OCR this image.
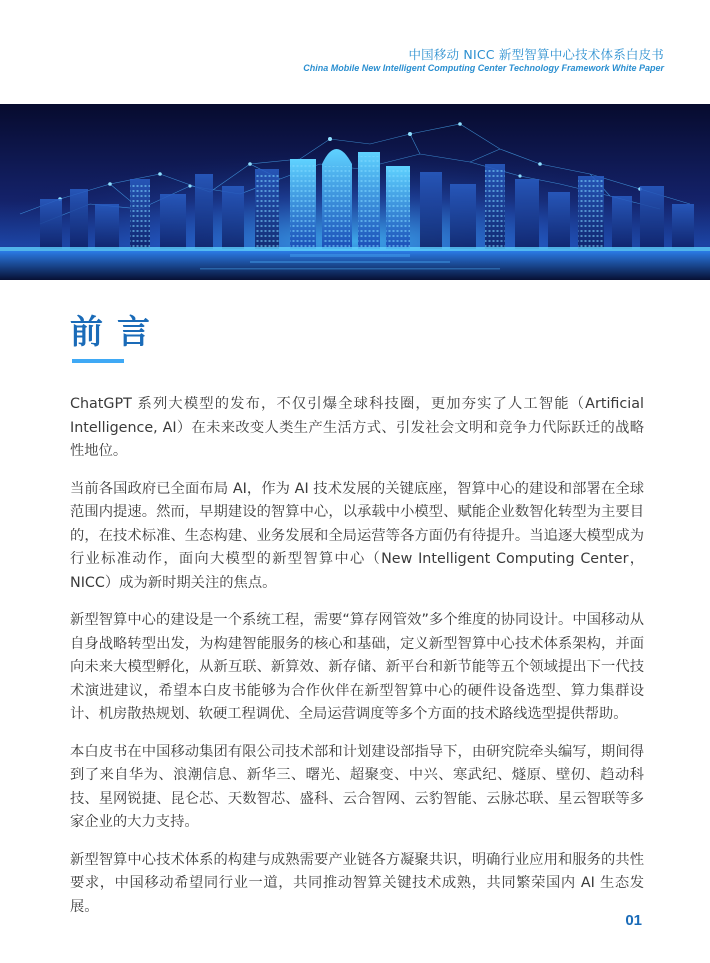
中国移动 NICC 新型智算中心技术体系白皮书
China Mobile New Intelligent Computing Center Technology Framework White Paper
前言

ChatGPT 系列大模型的发布，不仅引爆全球科技圈，更加夯实了人工智能（Artificial Intelligence, AI）在未来改变人类生产生活方式、引发社会文明和竞争力代际跃迁的战略性地位。

当前各国政府已全面布局 AI，作为 AI 技术发展的关键底座，智算中心的建设和部署在全球范围内提速。然而，早期建设的智算中心，以承载中小模型、赋能企业数智化转型为主要目的，在技术标准、生态构建、业务发展和全局运营等各方面仍有待提升。当追逐大模型成为行业标准动作，面向大模型的新型智算中心（New Intelligent Computing Center，NICC）成为新时期关注的焦点。

新型智算中心的建设是一个系统工程，需要“算存网管效”多个维度的协同设计。中国移动从自身战略转型出发，为构建智能服务的核心和基础，定义新型智算中心技术体系架构，并面向未来大模型孵化，从新互联、新算效、新存储、新平台和新节能等五个领域提出下一代技术演进建议，希望本白皮书能够为合作伙伴在新型智算中心的硬件设备选型、算力集群设计、机房散热规划、软硬工程调优、全局运营调度等多个方面的技术路线选型提供帮助。

本白皮书在中国移动集团有限公司技术部和计划建设部指导下，由研究院牵头编写，期间得到了来自华为、浪潮信息、新华三、曙光、超聚变、中兴、寒武纪、燧原、壁仞、趋动科技、星网锐捷、昆仑芯、天数智芯、盛科、云合智网、云豹智能、云脉芯联、星云智联等多家企业的大力支持。

新型智算中心技术体系的构建与成熟需要产业链各方凝聚共识，明确行业应用和服务的共性要求，中国移动希望同行业一道，共同推动智算关键技术成熟，共同繁荣国内 AI 生态发展。

01
